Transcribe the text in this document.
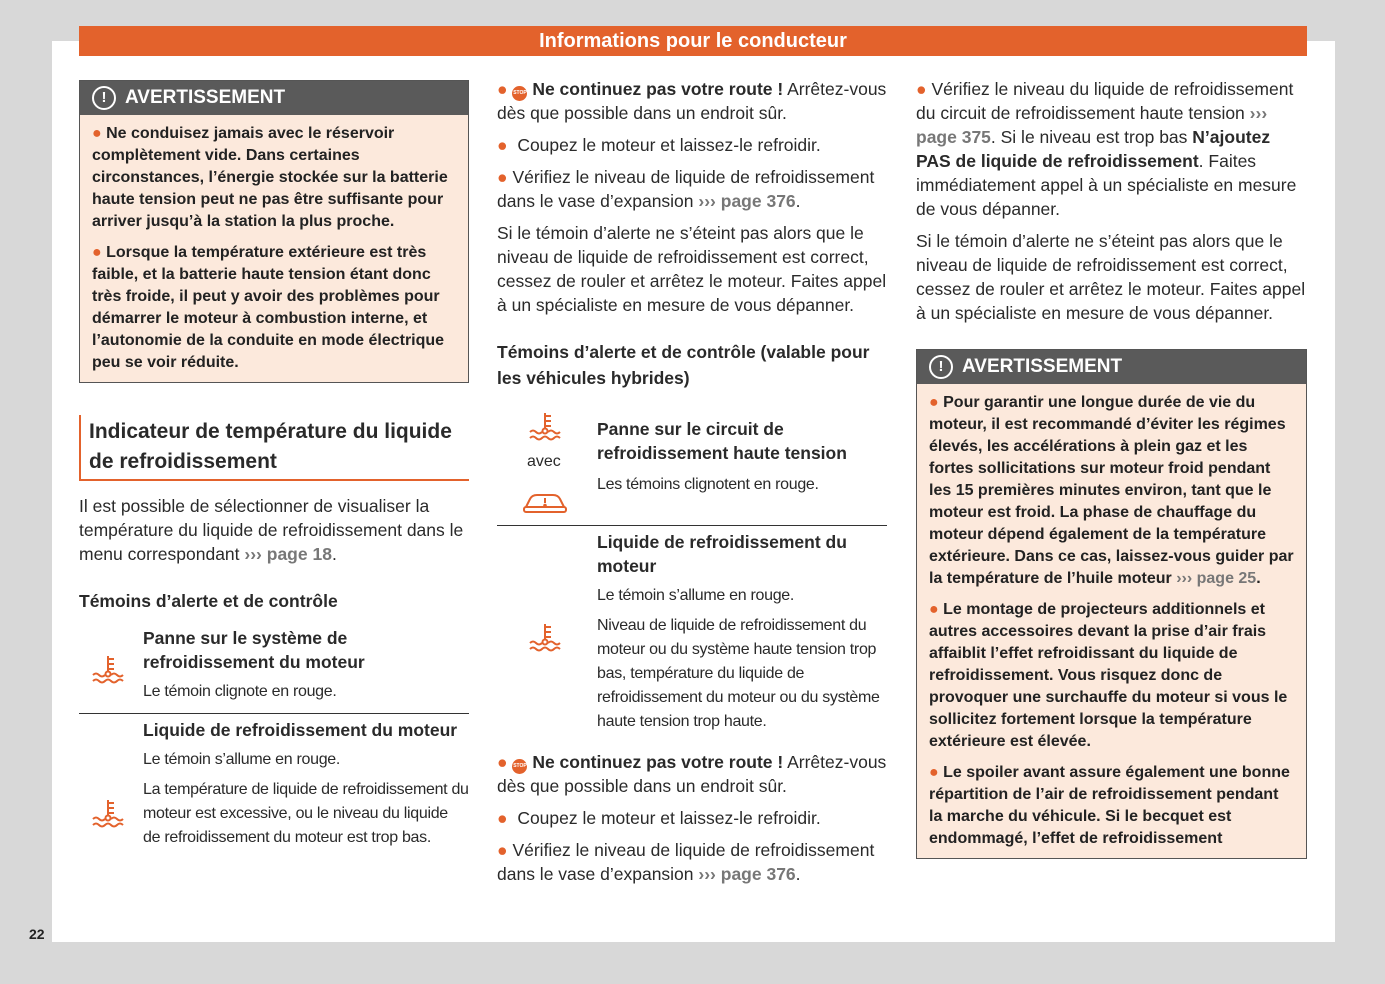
Informations pour le conducteur
! AVERTISSEMENT

● Ne conduisez jamais avec le réservoir complètement vide. Dans certaines circonstances, l’énergie stockée sur la batterie haute tension peut ne pas être suffisante pour arriver jusqu’à la station la plus proche.

● Lorsque la température extérieure est très faible, et la batterie haute tension étant donc très froide, il peut y avoir des problèmes pour démarrer le moteur à combustion interne, et l’autonomie de la conduite en mode électrique peu se voir réduite.

Indicateur de température du liquide de refroidissement

Il est possible de sélectionner de visualiser la température du liquide de refroidissement dans le menu correspondant ››› page 18.

Témoins d’alerte et de contrôle

Panne sur le système de refroidissement du moteur

Le témoin clignote en rouge.

Liquide de refroidissement du moteur

Le témoin s’allume en rouge.

La température de liquide de refroidissement du moteur est excessive, ou le niveau du liquide de refroidissement du moteur est trop bas.

● STOP Ne continuez pas votre route ! Arrêtez-vous dès que possible dans un endroit sûr.

● Coupez le moteur et laissez-le refroidir.

● Vérifiez le niveau de liquide de refroidissement dans le vase d’expansion ››› page 376.

Si le témoin d’alerte ne s’éteint pas alors que le niveau de liquide de refroidissement est correct, cessez de rouler et arrêtez le moteur. Faites appel à un spécialiste en mesure de vous dépanner.

Témoins d’alerte et de contrôle (valable pour les véhicules hybrides)

avec

Panne sur le circuit de refroidissement haute tension

Les témoins clignotent en rouge.

Liquide de refroidissement du moteur

Le témoin s’allume en rouge.

Niveau de liquide de refroidissement du moteur ou du système haute tension trop bas, température du liquide de refroidissement du moteur ou du système haute tension trop haute.

● STOP Ne continuez pas votre route ! Arrêtez-vous dès que possible dans un endroit sûr.

● Coupez le moteur et laissez-le refroidir.

● Vérifiez le niveau de liquide de refroidissement dans le vase d’expansion ››› page 376.

● Vérifiez le niveau du liquide de refroidissement du circuit de refroidissement haute tension ››› page 375. Si le niveau est trop bas N’ajoutez PAS de liquide de refroidissement. Faites immédiatement appel à un spécialiste en mesure de vous dépanner.

Si le témoin d’alerte ne s’éteint pas alors que le niveau de liquide de refroidissement est correct, cessez de rouler et arrêtez le moteur. Faites appel à un spécialiste en mesure de vous dépanner.

! AVERTISSEMENT

● Pour garantir une longue durée de vie du moteur, il est recommandé d’éviter les régimes élevés, les accélérations à plein gaz et les fortes sollicitations sur moteur froid pendant les 15 premières minutes environ, tant que le moteur est froid. La phase de chauffage du moteur dépend également de la température extérieure. Dans ce cas, laissez-vous guider par la température de l’huile moteur ››› page 25.

● Le montage de projecteurs additionnels et autres accessoires devant la prise d’air frais affaiblit l’effet refroidissant du liquide de refroidissement. Vous risquez donc de provoquer une surchauffe du moteur si vous le sollicitez fortement lorsque la température extérieure est élevée.

● Le spoiler avant assure également une bonne répartition de l’air de refroidissement pendant la marche du véhicule. Si le becquet est endommagé, l’effet de refroidissement

22
